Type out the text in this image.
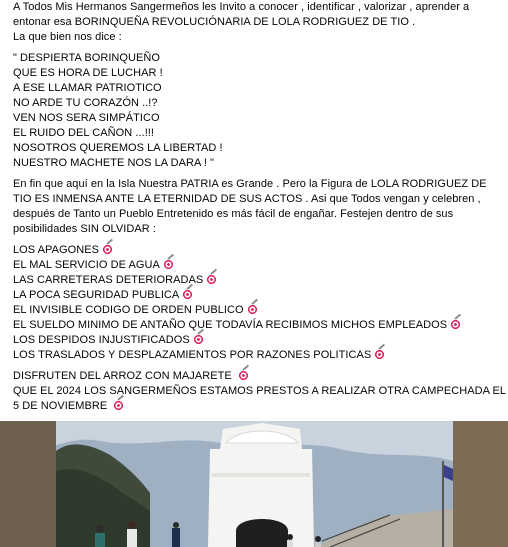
A Todos Mis Hermanos Sangermeños les Invito a conocer , identificar , valorizar , aprender a
entonar esa BORINQUEÑA REVOLUCIÓNARIA DE LOLA RODRIGUEZ DE TIO .
La que bien nos dice :
" DESPIERTA BORINQUEÑO
QUE ES HORA DE LUCHAR !
A ESE LLAMAR PATRIOTICO
NO ARDE TU CORAZÓN ..!?
VEN NOS SERA SIMPÁTICO
EL RUIDO DEL CAÑON ...!!!
NOSOTROS QUEREMOS LA LIBERTAD !
NUESTRO MACHETE NOS LA DARA ! "
En fin que aquí en la Isla Nuestra PATRIA es Grande . Pero la Figura de LOLA RODRIGUEZ DE
TIO ES INMENSA ANTE LA ETERNIDAD DE SUS ACTOS . Asi que Todos vengan y celebren ,
después de Tanto un Pueblo Entretenido es más fácil de engañar. Festejen dentro de sus
posibilidades SIN OLVIDAR :
LOS APAGONES
EL MAL SERVICIO DE AGUA
LAS CARRETERAS DETERIORADAS
LA POCA SEGURIDAD PUBLICA
EL INVISIBLE CODIGO DE ORDEN PUBLICO
EL SUELDO MINIMO DE ANTAÑO QUE TODAVÍA RECIBIMOS MICHOS EMPLEADOS
LOS DESPIDOS INJUSTIFICADOS
LOS TRASLADOS Y DESPLAZAMIENTOS POR RAZONES POLITICAS
DISFRUTEN DEL ARROZ CON MAJARETE
QUE EL 2024 LOS SANGERMEÑOS ESTAMOS PRESTOS A REALIZAR OTRA CAMPECHADA EL
5 DE NOVIEMBRE
